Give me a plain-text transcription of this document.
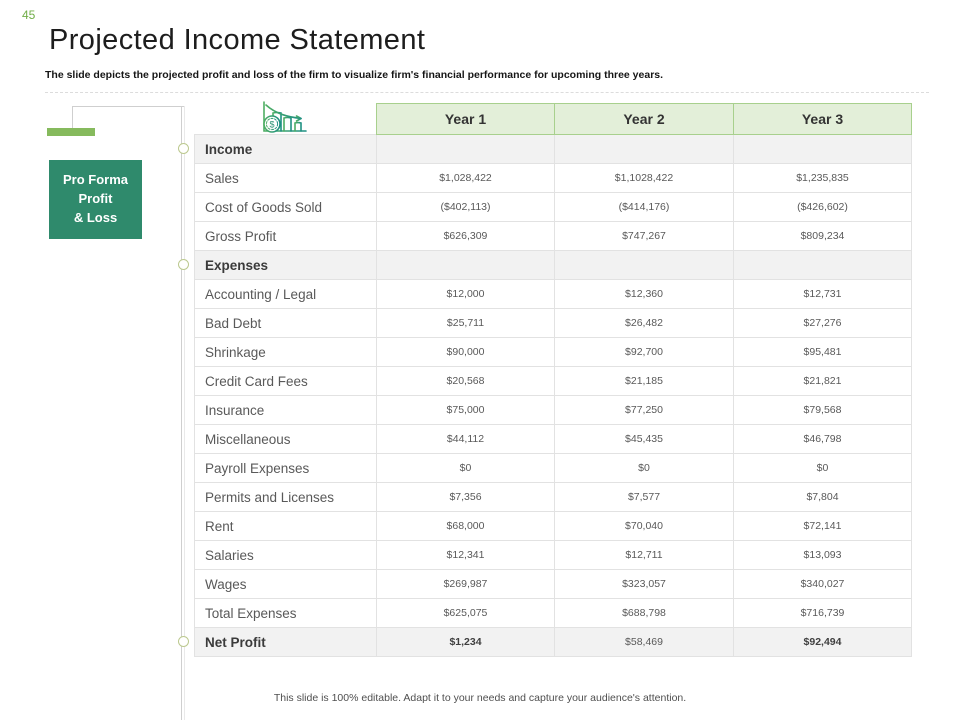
45
Projected Income Statement
The slide depicts the projected profit and loss of the firm to visualize firm's financial performance for upcoming three years.
Pro Forma
Profit
& Loss
$
		Year 1	Year 2	Year 3
Income			
Sales	$1,028,422	$1,1028,422	$1,235,835
Cost of Goods Sold	($402,113)	($414,176)	($426,602)
Gross Profit	$626,309	$747,267	$809,234
Expenses			
Accounting / Legal	$12,000	$12,360	$12,731
Bad Debt	$25,711	$26,482	$27,276
Shrinkage	$90,000	$92,700	$95,481
Credit Card Fees	$20,568	$21,185	$21,821
Insurance	$75,000	$77,250	$79,568
Miscellaneous	$44,112	$45,435	$46,798
Payroll Expenses	$0	$0	$0
Permits and Licenses	$7,356	$7,577	$7,804
Rent	$68,000	$70,040	$72,141
Salaries	$12,341	$12,711	$13,093
Wages	$269,987	$323,057	$340,027
Total Expenses	$625,075	$688,798	$716,739
Net Profit	$1,234	$58,469	$92,494
This slide is 100% editable. Adapt it to your needs and capture your audience's attention.
